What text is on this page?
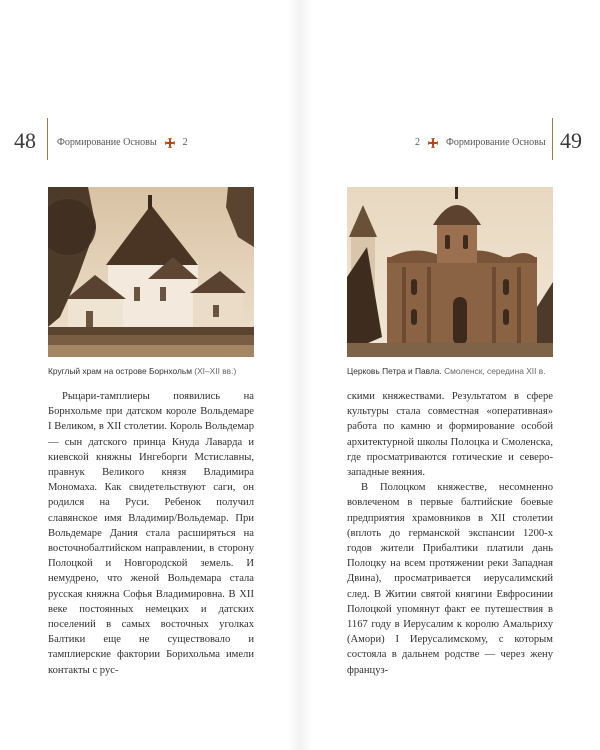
48 Формирование Основы	2	2	Формирование Основы 49
Круглый храм на острове Борнхольм (XI–XII вв.)	Церковь Петра и Павла. Смоленск, середина XII в.

Рыцари-тамплиеры появились на Борнхольме при датском короле Вольдемаре I Великом, в XII столетии. Король Вольдемар — сын датского принца Кнуда Лаварда и киевской княжны Ингеборги Мстиславны, правнук Великого князя Владимира Мономаха. Как свидетельствуют саги, он родился на Руси. Ребенок получил славянское имя Владимир/Вольдемар. При Вольдемаре Дания стала расширяться на восточнобалтийском направлении, в сторону Полоцкой и Новгородской земель. И немудрено, что женой Вольдемара стала русская княжна Софья Владимировна. В XII веке постоянных немецких и датских поселений в самых восточных уголках Балтики еще не существовало и тамплиерские фактории Борихольма имели контакты с рус-

скими княжествами. Результатом в сфере культуры стала совместная «оперативная» работа по камню и формирование особой архитектурной школы Полоцка и Смоленска, где просматриваются готические и северо-западные веяния.

В Полоцком княжестве, несомненно вовлеченом в первые балтийские боевые предприятия храмовников в XII столетии (вплоть до германской экспансии 1200-х годов жители Прибалтики платили дань Полоцку на всем протяжении реки Западная Двина), просматривается иерусалимский след. В Житии святой княгини Евфросинии Полоцкой упомянут факт ее путешествия в 1167 году в Иерусалим к королю Амальриху (Амори) I Иерусалимскому, с которым состояла в дальнем родстве — через жену француз-
